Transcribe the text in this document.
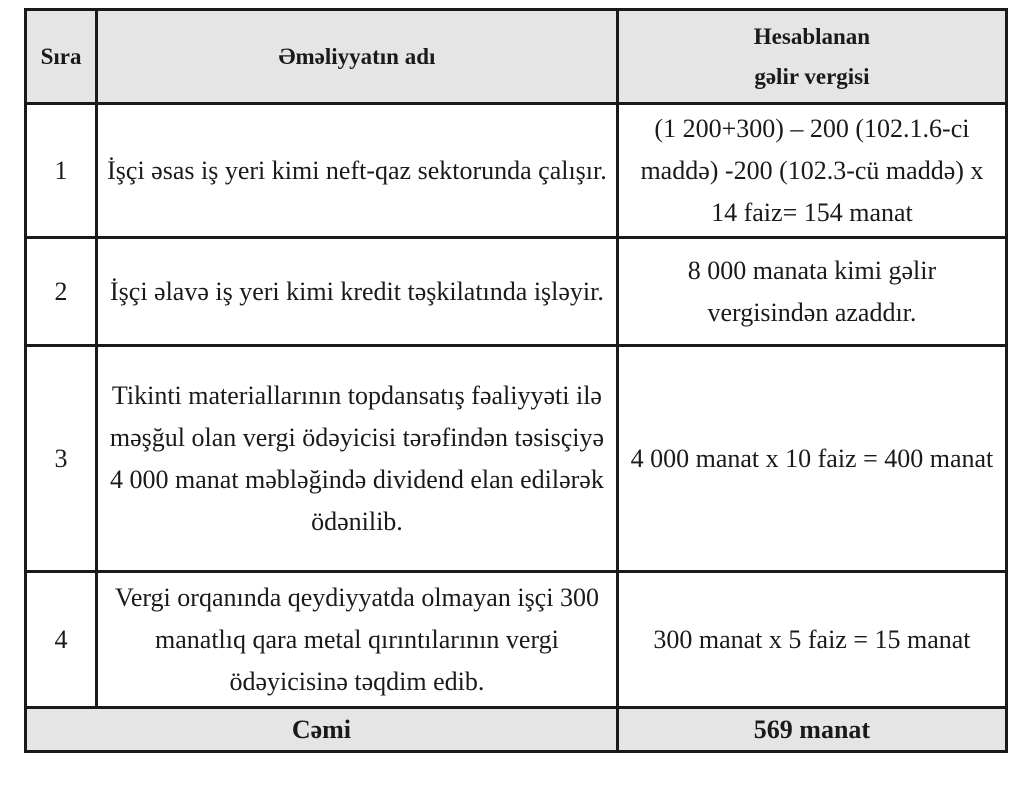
Sıra	Əməliyyatın adı	Hesablanan
gəlir vergisi

1	İşçi əsas iş yeri kimi neft-qaz sektorunda çalışır.	(1 200+300) – 200 (102.1.6-ci maddə) -200 (102.3-cü maddə) x 14 faiz= 154 manat
2	İşçi əlavə iş yeri kimi kredit təşkilatında işləyir.	8 000 manata kimi gəlir vergisindən azaddır.
3	Tikinti materiallarının topdansatış fəaliyyəti ilə məşğul olan vergi ödəyicisi tərəfindən təsisçiyə 4 000 manat məbləğində dividend elan edilərək ödənilib.	4 000 manat x 10 faiz = 400 manat
4	Vergi orqanında qeydiyyatda olmayan işçi 300 manatlıq qara metal qırıntılarının vergi ödəyicisinə təqdim edib.	300 manat x 5 faiz = 15 manat
Cəmi		569 manat
